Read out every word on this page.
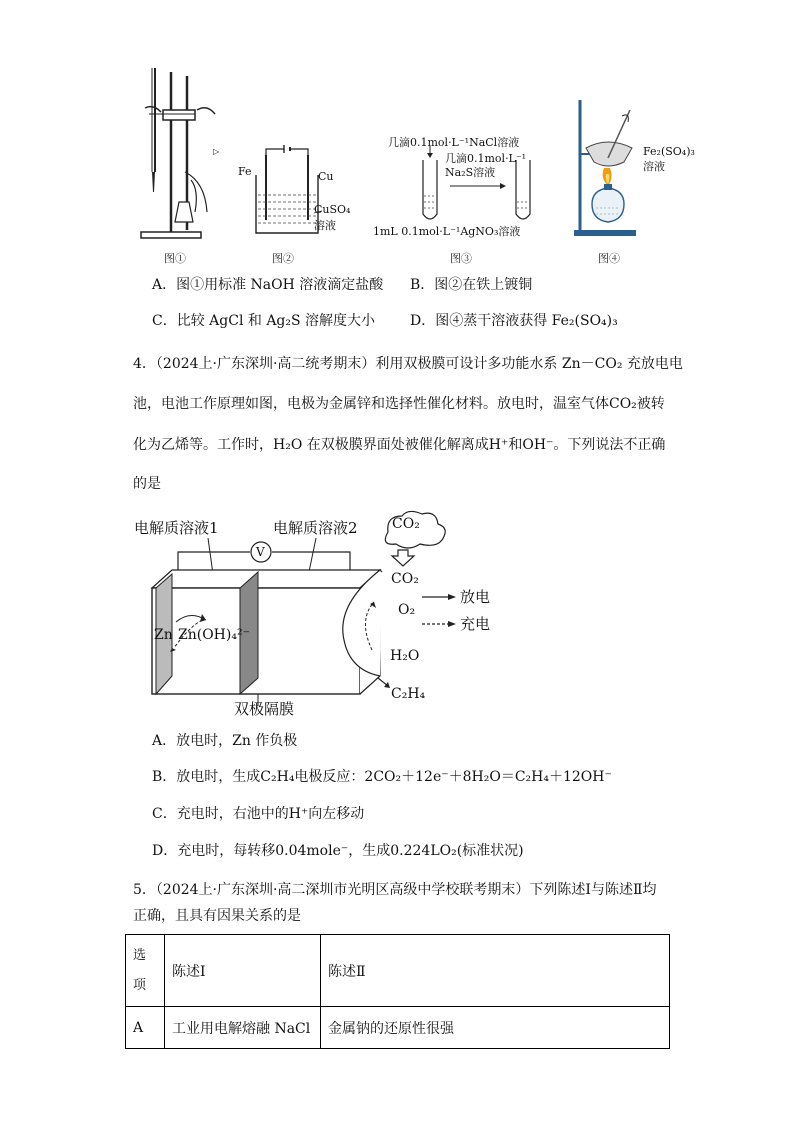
▷
图①
Fe	Cu
CuSO₄
溶液
图②
几滴0.1mol·L⁻¹NaCl溶液
几滴0.1mol·L⁻¹
Na₂S溶液
1mL 0.1mol·L⁻¹AgNO₃溶液
图③
Fe₂(SO₄)₃
溶液
图④
A．图①用标准 NaOH 溶液滴定盐酸 B．图②在铁上镀铜
C．比较 AgCl 和 Ag₂S 溶解度大小 D．图④蒸干溶液获得 Fe₂(SO₄)₃
4．（2024上·广东深圳·高二统考期末）利用双极膜可设计多功能水系 Zn－CO₂ 充放电电
池，电池工作原理如图，电极为金属锌和选择性催化材料。放电时，温室气体CO₂被转
化为乙烯等。工作时，H₂O 在双极膜界面处被催化解离成H⁺和OH⁻。下列说法不正确
的是
电解质溶液1	电解质溶液2
V
CO₂
CO₂
O₂
放电
充电
H₂O
C₂H₄
Zn Zn(OH)₄²⁻
双极隔膜
A．放电时，Zn 作负极
B．放电时，生成C₂H₄电极反应：2CO₂＋12e⁻＋8H₂O＝C₂H₄＋12OH⁻
C．充电时，右池中的H⁺向左移动
D．充电时，每转移0.04mole⁻，生成0.224LO₂(标准状况)
5．（2024上·广东深圳·高二深圳市光明区高级中学校联考期末）下列陈述Ⅰ与陈述Ⅱ均
正确，且具有因果关系的是
选项	陈述Ⅰ	陈述Ⅱ
A	工业用电解熔融 NaCl	金属钠的还原性很强
